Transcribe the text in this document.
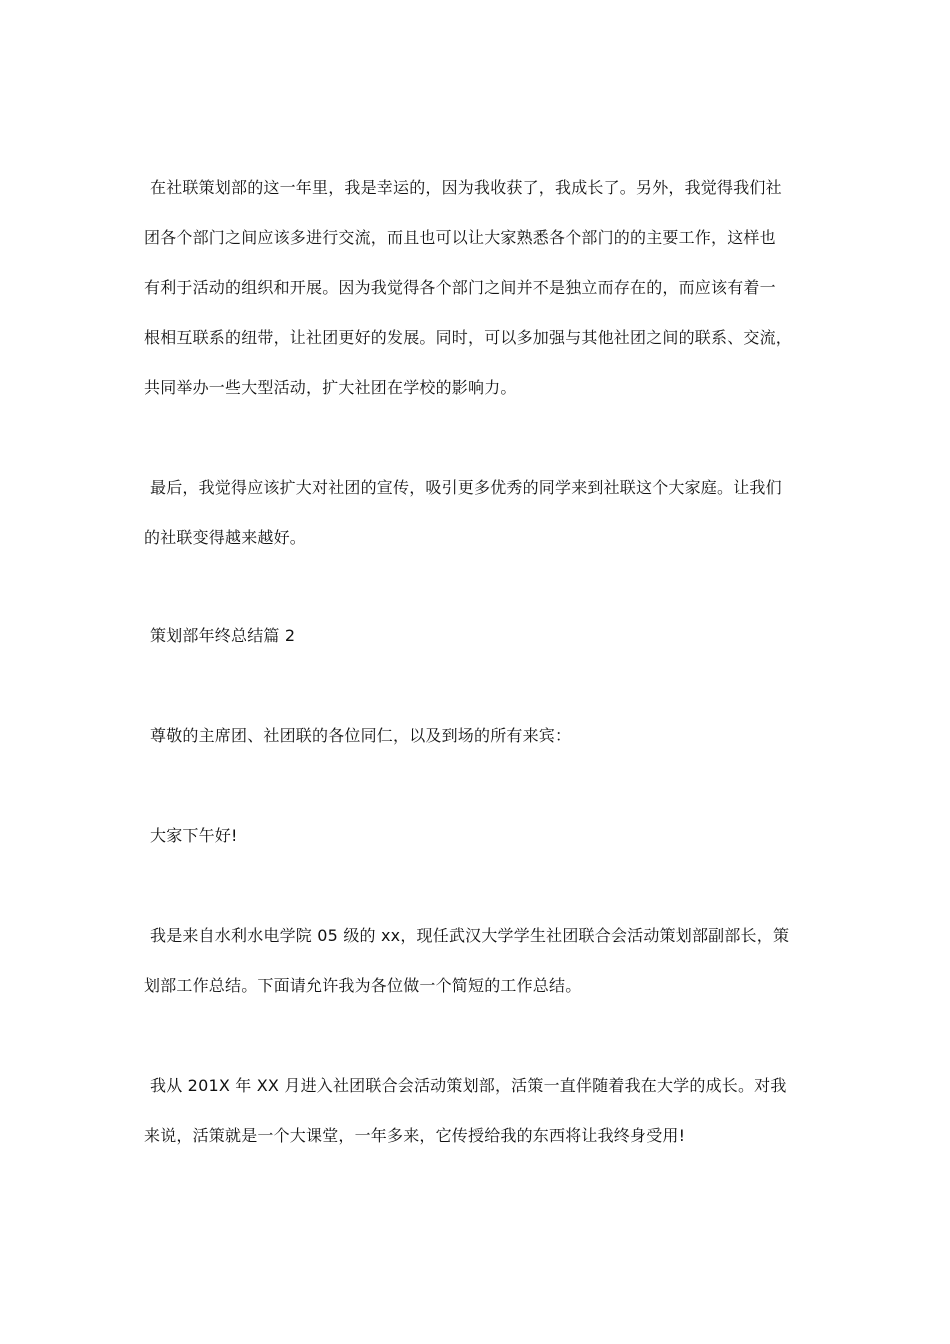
在社联策划部的这一年里，我是幸运的，因为我收获了，我成长了。另外，我觉得我们社
团各个部门之间应该多进行交流，而且也可以让大家熟悉各个部门的的主要工作，这样也
有利于活动的组织和开展。因为我觉得各个部门之间并不是独立而存在的，而应该有着一
根相互联系的纽带，让社团更好的发展。同时，可以多加强与其他社团之间的联系、交流，
共同举办一些大型活动，扩大社团在学校的影响力。
最后，我觉得应该扩大对社团的宣传，吸引更多优秀的同学来到社联这个大家庭。让我们
的社联变得越来越好。
策划部年终总结篇 2
尊敬的主席团、社团联的各位同仁，以及到场的所有来宾：
大家下午好!
我是来自水利水电学院 05 级的 xx，现任武汉大学学生社团联合会活动策划部副部长，策
划部工作总结。下面请允许我为各位做一个简短的工作总结。
我从 201X 年 XX 月进入社团联合会活动策划部，活策一直伴随着我在大学的成长。对我
来说，活策就是一个大课堂，一年多来，它传授给我的东西将让我终身受用!
